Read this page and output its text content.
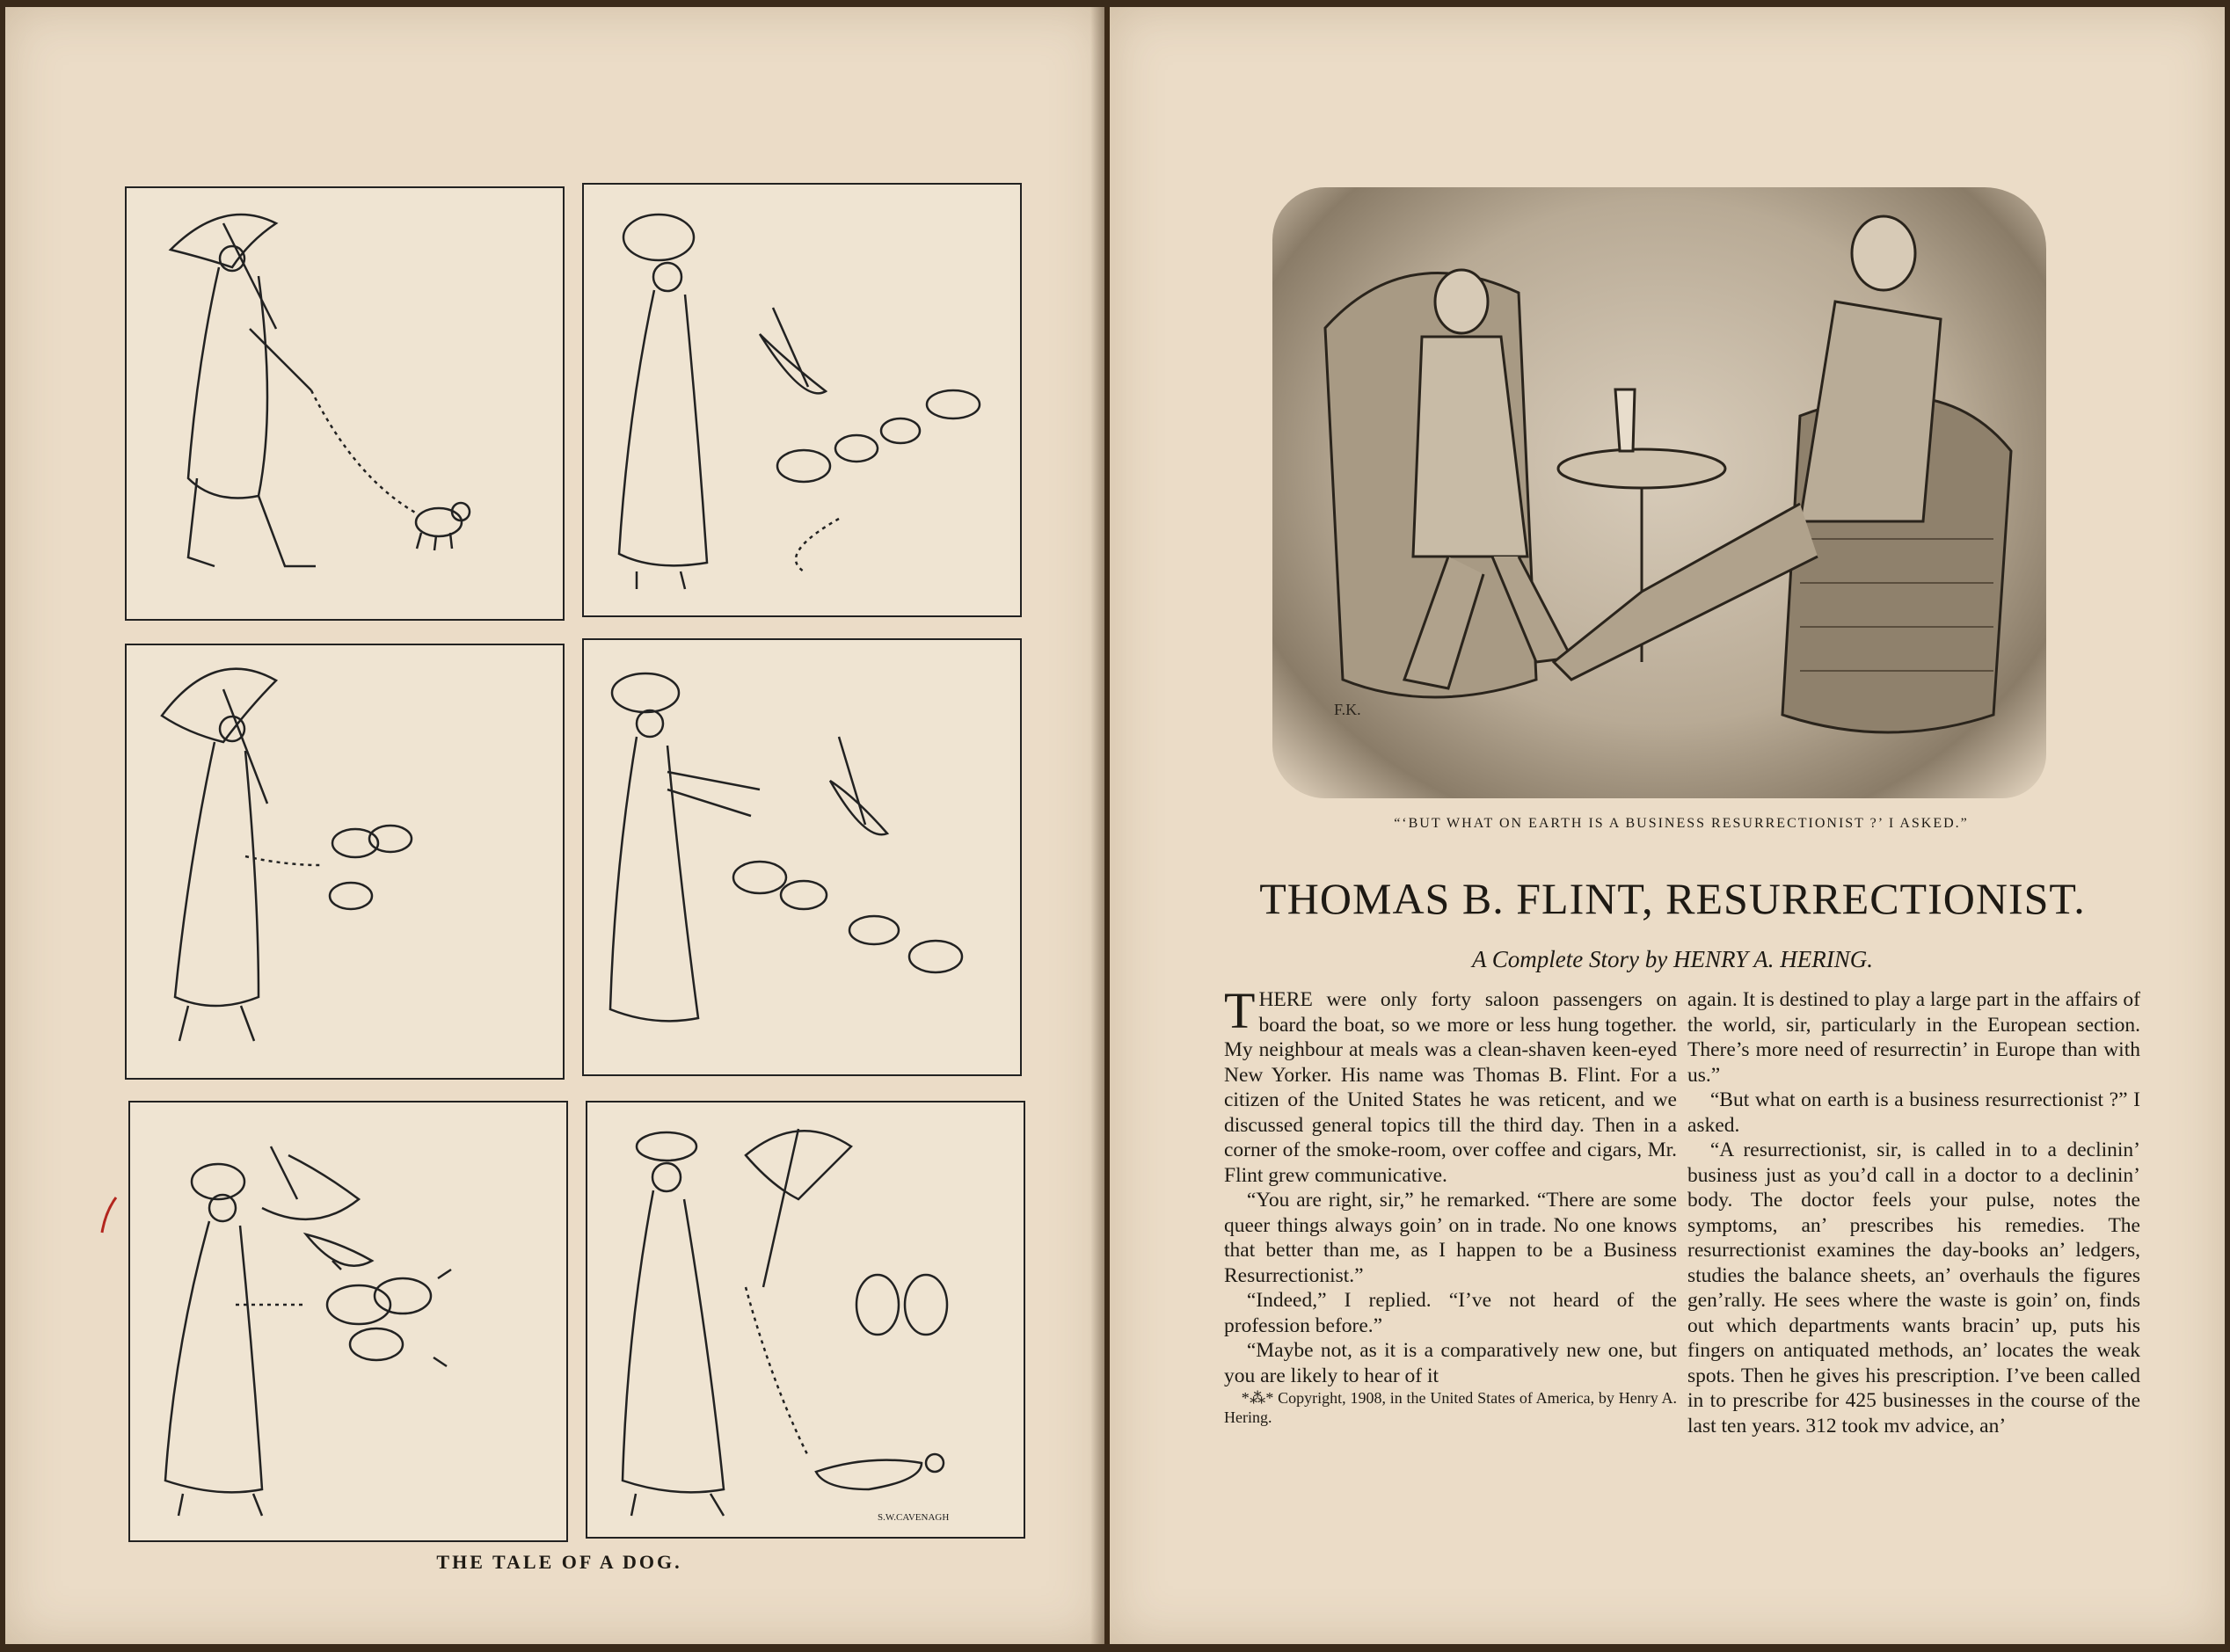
S.W.CAVENAGH
THE TALE OF A DOG.
F.K.
“‘BUT WHAT ON EARTH IS A BUSINESS RESURRECTIONIST ?’ I ASKED.”
THOMAS B. FLINT, RESURRECTIONIST.
A Complete Story by HENRY A. HERING.

THERE were only forty saloon passengers on board the boat, so we more or less hung together. My neighbour at meals was a clean-shaven keen-eyed New Yorker. His name was Thomas B. Flint. For a citizen of the United States he was reticent, and we discussed general topics till the third day. Then in a corner of the smoke-room, over coffee and cigars, Mr. Flint grew communicative.

“You are right, sir,” he remarked. “There are some queer things always goin’ on in trade. No one knows that better than me, as I happen to be a Business Resurrectionist.”

“Indeed,” I replied. “I’ve not heard of the profession before.”

“Maybe not, as it is a comparatively new one, but you are likely to hear of it

*⁂* Copyright, 1908, in the United States of America, by Henry A. Hering.

again. It is destined to play a large part in the affairs of the world, sir, particularly in the European section. There’s more need of resurrectin’ in Europe than with us.”

“But what on earth is a business resurrectionist ?” I asked.

“A resurrectionist, sir, is called in to a declinin’ business just as you’d call in a doctor to a declinin’ body. The doctor feels your pulse, notes the symptoms, an’ prescribes his remedies. The resurrectionist examines the day-books an’ ledgers, studies the balance sheets, an’ overhauls the figures gen’rally. He sees where the waste is goin’ on, finds out which departments wants bracin’ up, puts his fingers on antiquated methods, an’ locates the weak spots. Then he gives his prescription. I’ve been called in to prescribe for 425 businesses in the course of the last ten years. 312 took mv advice, an’
